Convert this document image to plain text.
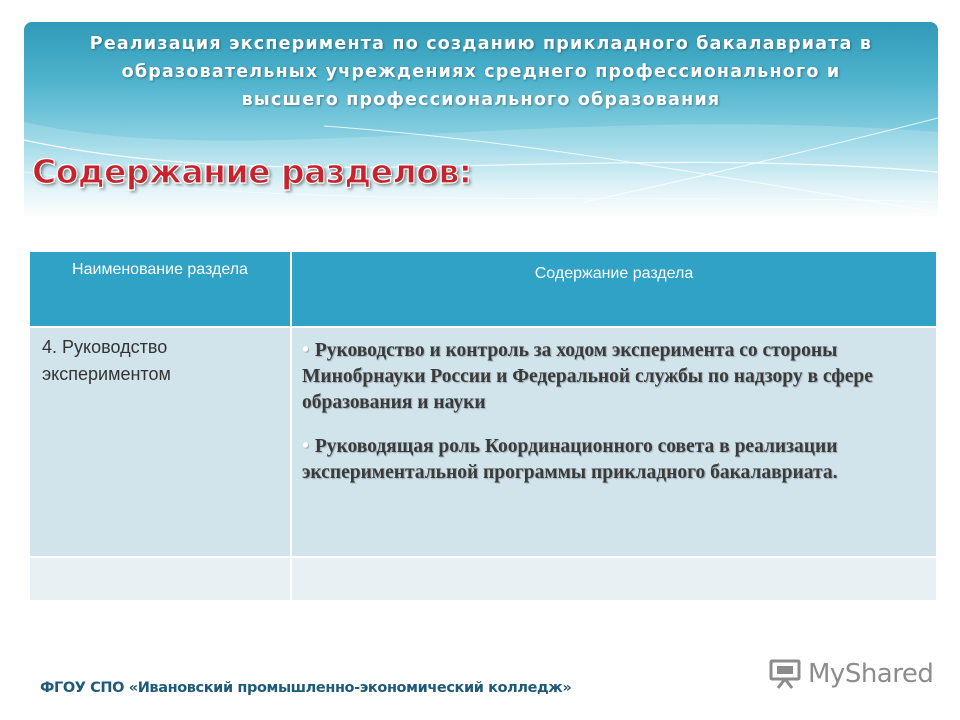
Реализация эксперимента по созданию прикладного бакалавриата в
образовательных учреждениях среднего профессионального и
высшего профессионального образования
Содержание разделов:
Наименование раздела	Содержание раздела
4. Руководство экспериментом	• Руководство и контроль за ходом эксперимента со стороны Минобрнауки России и Федеральной службы по надзору в сфере образования и науки
• Руководящая роль Координационного совета в реализации экспериментальной программы прикладного бакалавриата.

ФГОУ СПО «Ивановский промышленно-экономический колледж»	MyShared
